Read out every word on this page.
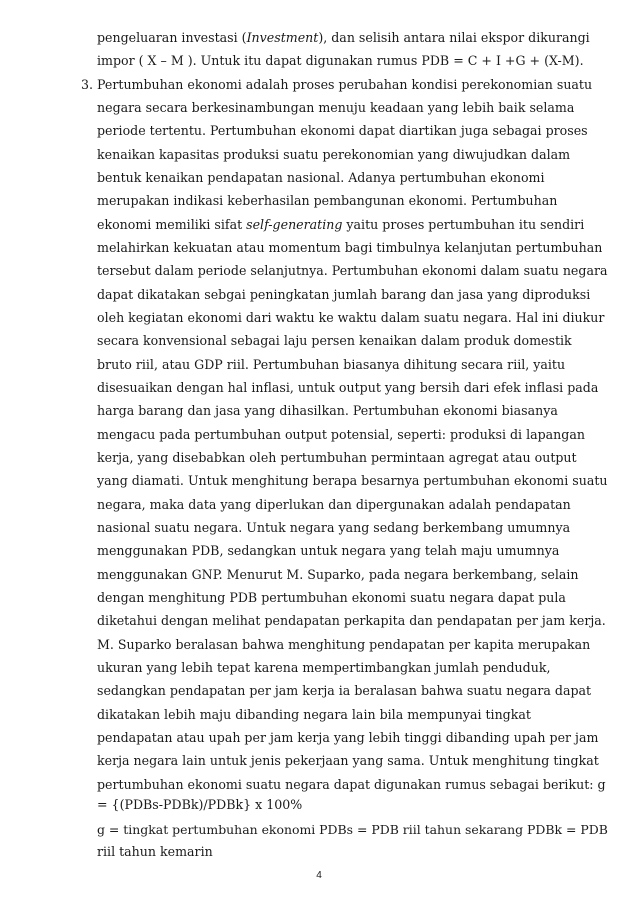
pengeluaran investasi (Investment), dan selisih antara nilai ekspor dikurangi
impor ( X – M ). Untuk itu dapat digunakan rumus PDB = C + I +G + (X-M).
3. Pertumbuhan ekonomi adalah proses perubahan kondisi perekonomian suatu
negara secara berkesinambungan menuju keadaan yang lebih baik selama
periode tertentu. Pertumbuhan ekonomi dapat diartikan juga sebagai proses
kenaikan kapasitas produksi suatu perekonomian yang diwujudkan dalam
bentuk kenaikan pendapatan nasional. Adanya pertumbuhan ekonomi
merupakan indikasi keberhasilan pembangunan ekonomi. Pertumbuhan
ekonomi memiliki sifat self-generating yaitu proses pertumbuhan itu sendiri
melahirkan kekuatan atau momentum bagi timbulnya kelanjutan pertumbuhan
tersebut dalam periode selanjutnya. Pertumbuhan ekonomi dalam suatu negara
dapat dikatakan sebgai peningkatan jumlah barang dan jasa yang diproduksi
oleh kegiatan ekonomi dari waktu ke waktu dalam suatu negara. Hal ini diukur
secara konvensional sebagai laju persen kenaikan dalam produk domestik
bruto riil, atau GDP riil. Pertumbuhan biasanya dihitung secara riil, yaitu
disesuaikan dengan hal inflasi, untuk output yang bersih dari efek inflasi pada
harga barang dan jasa yang dihasilkan. Pertumbuhan ekonomi biasanya
mengacu pada pertumbuhan output potensial, seperti: produksi di lapangan
kerja, yang disebabkan oleh pertumbuhan permintaan agregat atau output
yang diamati. Untuk menghitung berapa besarnya pertumbuhan ekonomi suatu
negara, maka data yang diperlukan dan dipergunakan adalah pendapatan
nasional suatu negara. Untuk negara yang sedang berkembang umumnya
menggunakan PDB, sedangkan untuk negara yang telah maju umumnya
menggunakan GNP. Menurut M. Suparko, pada negara berkembang, selain
dengan menghitung PDB pertumbuhan ekonomi suatu negara dapat pula
diketahui dengan melihat pendapatan perkapita dan pendapatan per jam kerja.
M. Suparko beralasan bahwa menghitung pendapatan per kapita merupakan
ukuran yang lebih tepat karena mempertimbangkan jumlah penduduk,
sedangkan pendapatan per jam kerja ia beralasan bahwa suatu negara dapat
dikatakan lebih maju dibanding negara lain bila mempunyai tingkat
pendapatan atau upah per jam kerja yang lebih tinggi dibanding upah per jam
kerja negara lain untuk jenis pekerjaan yang sama. Untuk menghitung tingkat
pertumbuhan ekonomi suatu negara dapat digunakan rumus sebagai berikut: g
= {(PDBs-PDBk)/PDBk} x 100%
g = tingkat pertumbuhan ekonomi PDBs = PDB riil tahun sekarang PDBk = PDB
riil tahun kemarin
4
